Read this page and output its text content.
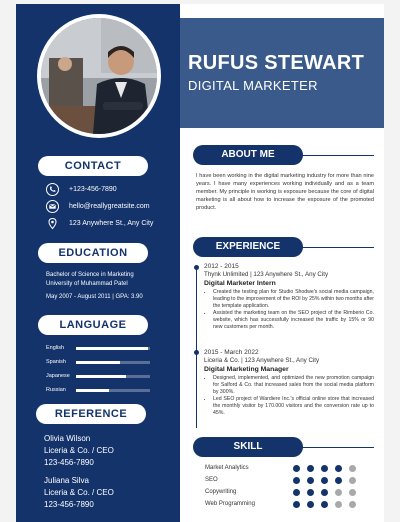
CONTACT
+123-456-7890
hello@reallygreatsite.com
123 Anywhere St., Any City
EDUCATION
Bachelor of Science in Marketing
University of Muhammad Patel
May 2007 - August 2011 | GPA: 3.90
LANGUAGE
English
Spanish
Japanese
Russian
REFERENCE
Olivia Wilson
Liceria & Co. / CEO
123-456-7890
Juliana Silva
Liceria & Co. / CEO
123-456-7890
RUFUS STEWART
DIGITAL MARKETER
ABOUT ME
I have been working in the digital marketing industry for more than nine years. I have many experiences working individually and as a team member. My principle in working is exposure because the core of digital marketing is all about how to increase the exposure of the promoted product.
EXPERIENCE
2012 - 2015
Thynk Unlimited | 123 Anywhere St., Any City
Digital Marketer Intern
• Created the testing plan for Studio Shodwe's social media campaign, leading to the improvement of the ROI by 25% within two months after the template application.
• Assisted the marketing team on the SEO project of the Rimberio Co. website, which has successfully increased the traffic by 15% or 90 new customers per month.
2015 - March 2022
Liceria & Co. | 123 Anywhere St., Any City
Digital Marketing Manager
• Designed, implemented, and optimized the new promotion campaign for Salford & Co. that increased sales from the social media platform by 300%.
• Led SEO project of Wardiere Inc.'s official online store that increased the monthly visitor by 170.000 visitors and the conversion rate up to 45%.
SKILL
Market Analytics
SEO
Copywriting
Web Programming
